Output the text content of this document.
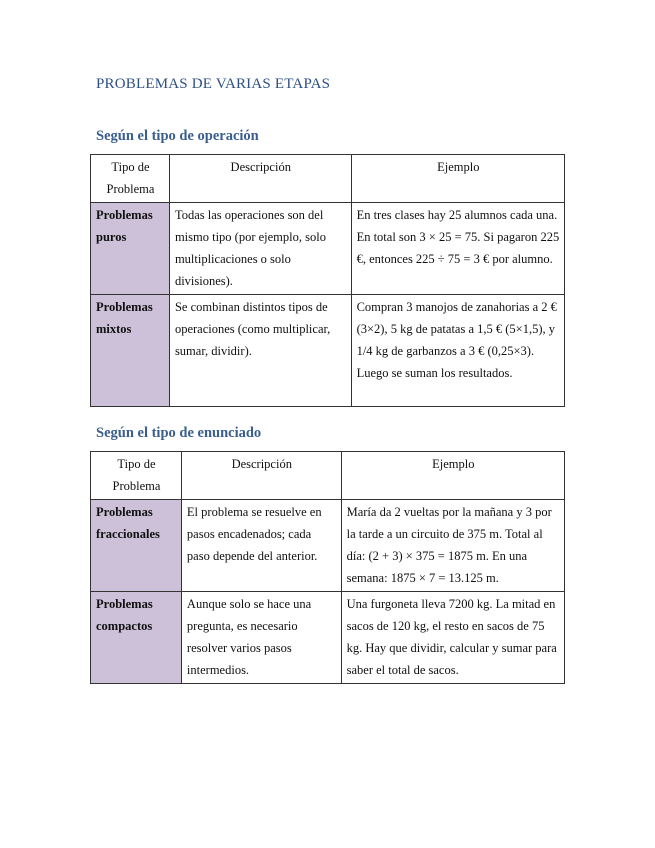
PROBLEMAS DE VARIAS ETAPAS
Según el tipo de operación
Tipo de Problema	Descripción	Ejemplo
Problemas puros	Todas las operaciones son del mismo tipo (por ejemplo, solo multiplicaciones o solo divisiones).	En tres clases hay 25 alumnos cada una. En total son 3 × 25 = 75. Si pagaron 225 €, entonces 225 ÷ 75 = 3 € por alumno.
Problemas mixtos	Se combinan distintos tipos de operaciones (como multiplicar, sumar, dividir).	Compran 3 manojos de zanahorias a 2 € (3×2), 5 kg de patatas a 1,5 € (5×1,5), y 1/4 kg de garbanzos a 3 € (0,25×3). Luego se suman los resultados.
Según el tipo de enunciado
Tipo de Problema	Descripción	Ejemplo
Problemas fraccionales	El problema se resuelve en pasos encadenados; cada paso depende del anterior.	María da 2 vueltas por la mañana y 3 por la tarde a un circuito de 375 m. Total al día: (2 + 3) × 375 = 1875 m. En una semana: 1875 × 7 = 13.125 m.
Problemas compactos	Aunque solo se hace una pregunta, es necesario resolver varios pasos intermedios.	Una furgoneta lleva 7200 kg. La mitad en sacos de 120 kg, el resto en sacos de 75 kg. Hay que dividir, calcular y sumar para saber el total de sacos.
